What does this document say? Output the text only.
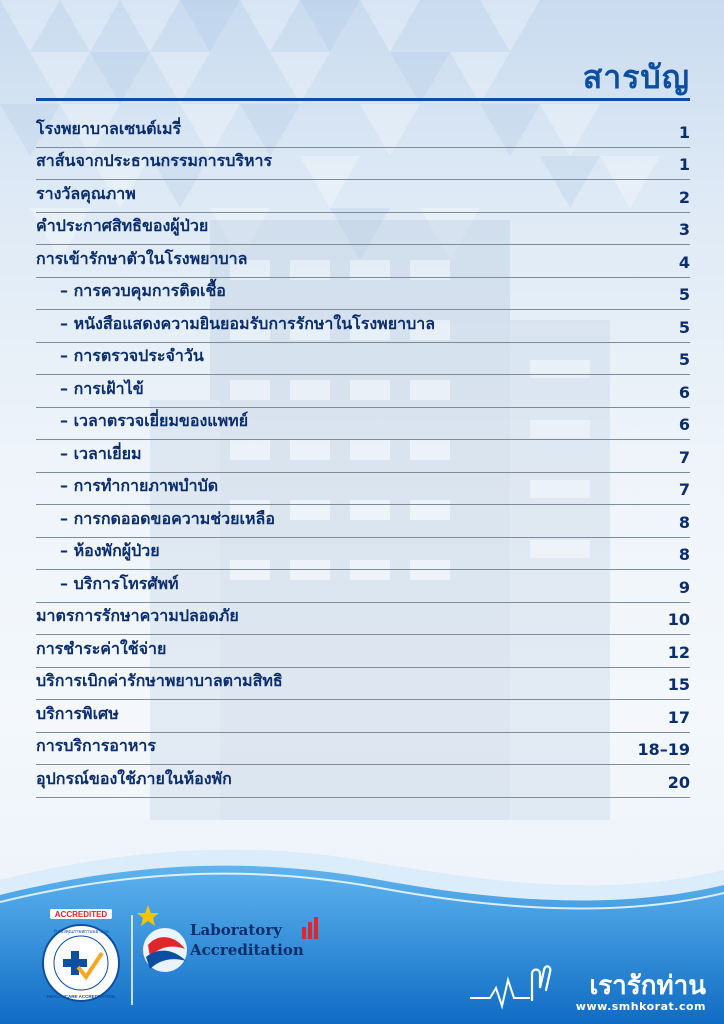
สารบัญ
โรงพยาบาลเซนต์เมรี่	1
สาส์นจากประธานกรรมการบริหาร	1
รางวัลคุณภาพ	2
คำประกาศสิทธิของผู้ป่วย	3
การเข้ารักษาตัวในโรงพยาบาล	4
– การควบคุมการติดเชื้อ	5
– หนังสือแสดงความยินยอมรับการรักษาในโรงพยาบาล	5
– การตรวจประจำวัน	5
– การเฝ้าไข้	6
– เวลาตรวจเยี่ยมของแพทย์	6
– เวลาเยี่ยม	7
– การทำกายภาพบำบัด	7
– การกดออดขอความช่วยเหลือ	8
– ห้องพักผู้ป่วย	8
– บริการโทรศัพท์	9
มาตรการรักษาความปลอดภัย	10
การชำระค่าใช้จ่าย	12
บริการเบิกค่ารักษาพยาบาลตามสิทธิ	15
บริการพิเศษ	17
การบริการอาหาร	18–19
อุปกรณ์ของใช้ภายในห้องพัก	20
ACCREDITED
รับรองคุณภาพสถานพยาบาล
HEALTHCARE ACCREDITATION
Laboratory
Accreditation
เรารักท่าน
www.smhkorat.com
